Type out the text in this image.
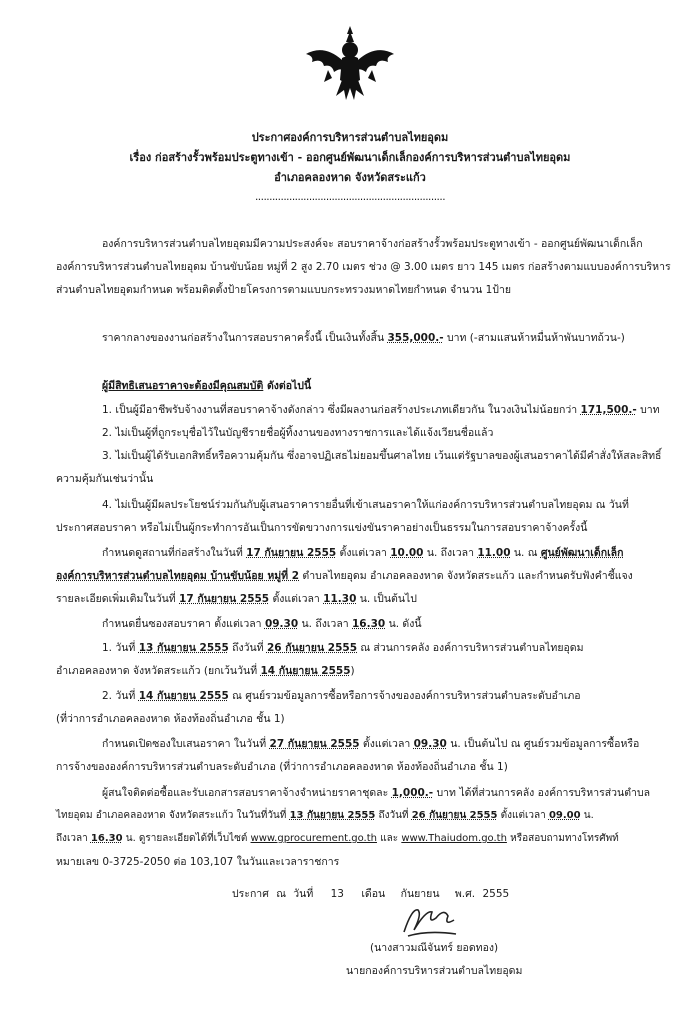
ประกาศองค์การบริหารส่วนตำบลไทยอุดม
เรื่อง ก่อสร้างรั้วพร้อมประตูทางเข้า - ออกศูนย์พัฒนาเด็กเล็กองค์การบริหารส่วนตำบลไทยอุดม
อำเภอคลองหาด จังหวัดสระแก้ว
...................................................................
องค์การบริหารส่วนตำบลไทยอุดมมีความประสงค์จะ สอบราคาจ้างก่อสร้างรั้วพร้อมประตูทางเข้า - ออกศูนย์พัฒนาเด็กเล็ก
องค์การบริหารส่วนตำบลไทยอุดม บ้านขับน้อย หมู่ที่ 2 สูง 2.70 เมตร ช่วง @ 3.00 เมตร ยาว 145 เมตร ก่อสร้างตามแบบองค์การบริหาร
ส่วนตำบลไทยอุดมกำหนด พร้อมติดตั้งป้ายโครงการตามแบบกระทรวงมหาดไทยกำหนด จำนวน 1ป้าย
ราคากลางของงานก่อสร้างในการสอบราคาครั้งนี้ เป็นเงินทั้งสิ้น 355,000.- บาท (-สามแสนห้าหมื่นห้าพันบาทถ้วน-)
ผู้มีสิทธิเสนอราคาจะต้องมีคุณสมบัติ ดังต่อไปนี้
1. เป็นผู้มีอาชีพรับจ้างงานที่สอบราคาจ้างดังกล่าว ซึ่งมีผลงานก่อสร้างประเภทเดียวกัน ในวงเงินไม่น้อยกว่า 171,500.- บาท
2. ไม่เป็นผู้ที่ถูกระบุชื่อไว้ในบัญชีรายชื่อผู้ทิ้งงานของทางราชการและได้แจ้งเวียนชื่อแล้ว
3. ไม่เป็นผู้ได้รับเอกสิทธิ์หรือความคุ้มกัน ซึ่งอาจปฏิเสธไม่ยอมขึ้นศาลไทย เว้นแต่รัฐบาลของผู้เสนอราคาได้มีคำสั่งให้สละสิทธิ์
ความคุ้มกันเช่นว่านั้น
4. ไม่เป็นผู้มีผลประโยชน์ร่วมกันกับผู้เสนอราคารายอื่นที่เข้าเสนอราคาให้แก่องค์การบริหารส่วนตำบลไทยอุดม ณ วันที่
ประกาศสอบราคา หรือไม่เป็นผู้กระทำการอันเป็นการขัดขวางการแข่งขันราคาอย่างเป็นธรรมในการสอบราคาจ้างครั้งนี้
กำหนดดูสถานที่ก่อสร้างในวันที่ 17 กันยายน 2555 ตั้งแต่เวลา 10.00 น. ถึงเวลา 11.00 น. ณ ศูนย์พัฒนาเด็กเล็ก
องค์การบริหารส่วนตำบลไทยอุดม บ้านขับน้อย หมู่ที่ 2 ตำบลไทยอุดม อำเภอคลองหาด จังหวัดสระแก้ว และกำหนดรับฟังคำชี้แจง
รายละเอียดเพิ่มเติมในวันที่ 17 กันยายน 2555 ตั้งแต่เวลา 11.30 น. เป็นต้นไป
กำหนดยื่นซองสอบราคา ตั้งแต่เวลา 09.30 น. ถึงเวลา 16.30 น. ดังนี้
1. วันที่ 13 กันยายน 2555 ถึงวันที่ 26 กันยายน 2555 ณ ส่วนการคลัง องค์การบริหารส่วนตำบลไทยอุดม
อำเภอคลองหาด จังหวัดสระแก้ว (ยกเว้นวันที่ 14 กันยายน 2555)
2. วันที่ 14 กันยายน 2555 ณ ศูนย์รวมข้อมูลการซื้อหรือการจ้างขององค์การบริหารส่วนตำบลระดับอำเภอ
(ที่ว่าการอำเภอคลองหาด ห้องท้องถิ่นอำเภอ ชั้น 1)
กำหนดเปิดซองใบเสนอราคา ในวันที่ 27 กันยายน 2555 ตั้งแต่เวลา 09.30 น. เป็นต้นไป ณ ศูนย์รวมข้อมูลการซื้อหรือ
การจ้างขององค์การบริหารส่วนตำบลระดับอำเภอ (ที่ว่าการอำเภอคลองหาด ห้องท้องถิ่นอำเภอ ชั้น 1)
ผู้สนใจติดต่อซื้อและรับเอกสารสอบราคาจ้างจำหน่ายราคาชุดละ 1,000.- บาท ได้ที่ส่วนการคลัง องค์การบริหารส่วนตำบล
ไทยอุดม อำเภอคลองหาด จังหวัดสระแก้ว ในวันที่วันที่ 13 กันยายน 2555 ถึงวันที่ 26 กันยายน 2555 ตั้งแต่เวลา 09.00 น.
ถึงเวลา 16.30 น. ดูรายละเอียดได้ที่เว็บไซต์ www.gprocurement.go.th และ www.Thaiudom.go.th หรือสอบถามทางโทรศัพท์
หมายเลข 0-3725-2050 ต่อ 103,107 ในวันและเวลาราชการ
ประกาศ ณ วันที่ 13 เดือน กันยายน พ.ศ. 2555
(นางสาวมณีจันทร์ ยอดทอง)
นายกองค์การบริหารส่วนตำบลไทยอุดม
